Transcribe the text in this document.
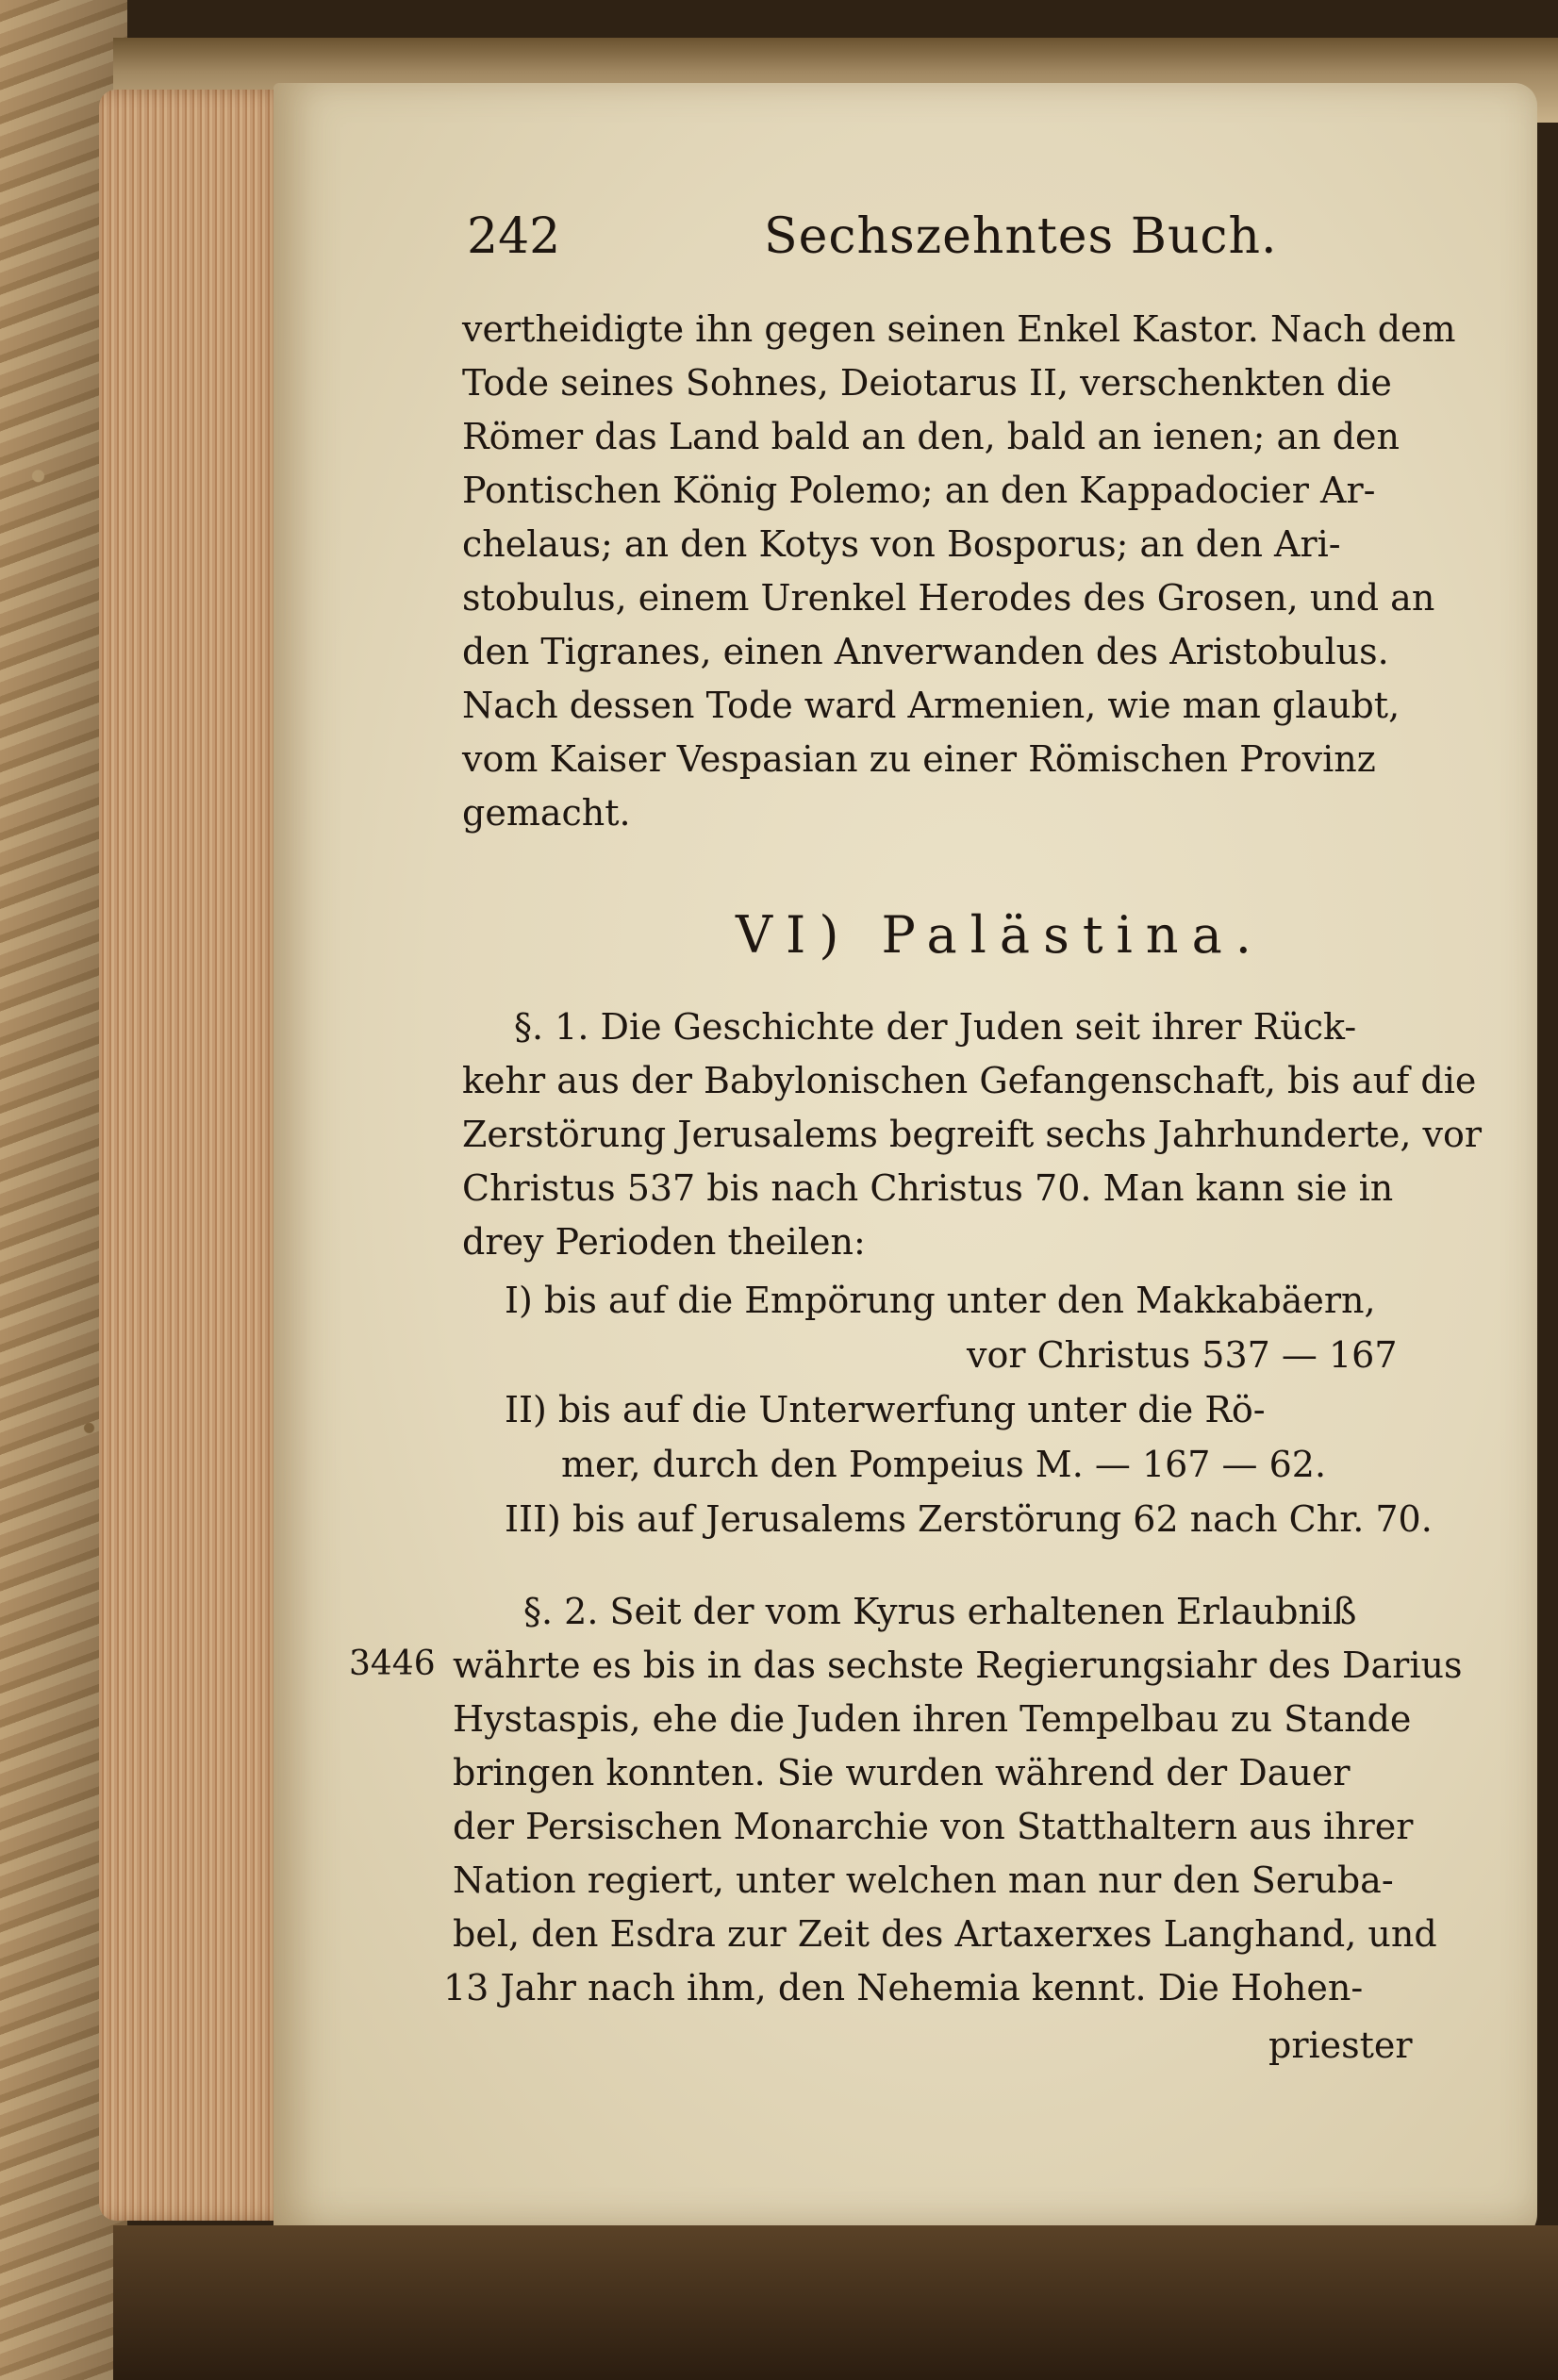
242	Sechszehntes Buch.
vertheidigte ihn gegen seinen Enkel Kastor. Nach dem
Tode seines Sohnes, Deiotarus II, verschenkten die
Römer das Land bald an den, bald an ienen; an den
Pontischen König Polemo; an den Kappadocier Ar-
chelaus; an den Kotys von Bosporus; an den Ari-
stobulus, einem Urenkel Herodes des Grosen, und an
den Tigranes, einen Anverwanden des Aristobulus.
Nach dessen Tode ward Armenien, wie man glaubt,
vom Kaiser Vespasian zu einer Römischen Provinz
gemacht.
VI) Palästina.
§. 1. Die Geschichte der Juden seit ihrer Rück-
kehr aus der Babylonischen Gefangenschaft, bis auf die
Zerstörung Jerusalems begreift sechs Jahrhunderte, vor
Christus 537 bis nach Christus 70. Man kann sie in
drey Perioden theilen:
I) bis auf die Empörung unter den Makkabäern,
vor Christus 537 — 167
II) bis auf die Unterwerfung unter die Rö-
mer, durch den Pompeius M. — 167 — 62.
III) bis auf Jerusalems Zerstörung 62 nach Chr. 70.
§. 2. Seit der vom Kyrus erhaltenen Erlaubniß
3446 währte es bis in das sechste Regierungsiahr des Darius
Hystaspis, ehe die Juden ihren Tempelbau zu Stande
bringen konnten. Sie wurden während der Dauer
der Persischen Monarchie von Statthaltern aus ihrer
Nation regiert, unter welchen man nur den Seruba-
bel, den Esdra zur Zeit des Artaxerxes Langhand, und
13 Jahr nach ihm, den Nehemia kennt. Die Hohen-
priester
